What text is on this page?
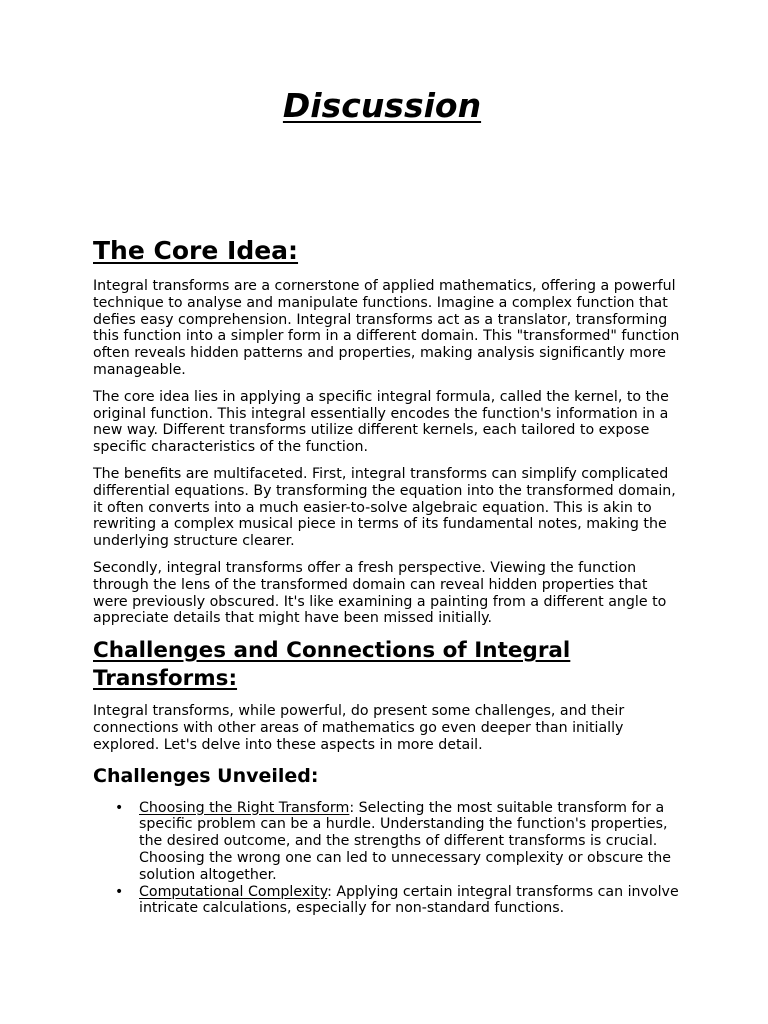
Discussion
The Core Idea:

Integral transforms are a cornerstone of applied mathematics, offering a powerful technique to analyse and manipulate functions. Imagine a complex function that defies easy comprehension. Integral transforms act as a translator, transforming this function into a simpler form in a different domain. This "transformed" function often reveals hidden patterns and properties, making analysis significantly more manageable.

The core idea lies in applying a specific integral formula, called the kernel, to the original function. This integral essentially encodes the function's information in a new way. Different transforms utilize different kernels, each tailored to expose specific characteristics of the function.

The benefits are multifaceted. First, integral transforms can simplify complicated differential equations. By transforming the equation into the transformed domain, it often converts into a much easier-to-solve algebraic equation. This is akin to rewriting a complex musical piece in terms of its fundamental notes, making the underlying structure clearer.

Secondly, integral transforms offer a fresh perspective. Viewing the function through the lens of the transformed domain can reveal hidden properties that were previously obscured. It's like examining a painting from a different angle to appreciate details that might have been missed initially.

Challenges and Connections of Integral Transforms:

Integral transforms, while powerful, do present some challenges, and their connections with other areas of mathematics go even deeper than initially explored. Let's delve into these aspects in more detail.

Challenges Unveiled:
• Choosing the Right Transform: Selecting the most suitable transform for a specific problem can be a hurdle. Understanding the function's properties, the desired outcome, and the strengths of different transforms is crucial. Choosing the wrong one can led to unnecessary complexity or obscure the solution altogether.
• Computational Complexity: Applying certain integral transforms can involve intricate calculations, especially for non-standard functions.
